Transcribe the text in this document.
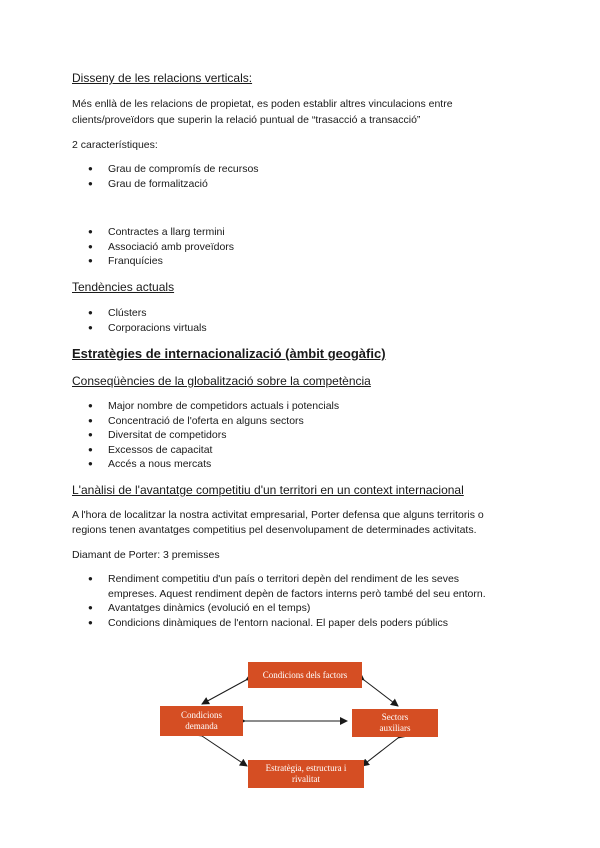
Disseny de les relacions verticals:
Més enllà de les relacions de propietat, es poden establir altres vinculacions entre
clients/proveïdors que superin la relació puntual de “trasacció a transacció”
2 característiques:
● Grau de compromís de recursos
● Grau de formalització
● Contractes a llarg termini
● Associació amb proveïdors
● Franquícies
Tendències actuals
● Clústers
● Corporacions virtuals
Estratègies de internacionalizació (àmbit geogàfic)
Conseqüències de la globalització sobre la competència
● Major nombre de competidors actuals i potencials
● Concentració de l'oferta en alguns sectors
● Diversitat de competidors
● Excessos de capacitat
● Accés a nous mercats
L'anàlisi de l'avantatge competitiu d'un territori en un context internacional
A l'hora de localitzar la nostra activitat empresarial, Porter defensa que alguns territoris o
regions tenen avantatges competitius pel desenvolupament de determinades activitats.
Diamant de Porter: 3 premisses
● Rendiment competitiu d'un país o territori depèn del rendiment de les seves
empreses. Aquest rendiment depèn de factors interns però també del seu entorn.
● Avantatges dinàmics (evolució en el temps)
● Condicions dinàmiques de l'entorn nacional. El paper dels poders públics
Condicions dels factors
Condicions
demanda
Sectors
auxiliars
Estratègia, estructura i
rivalitat
